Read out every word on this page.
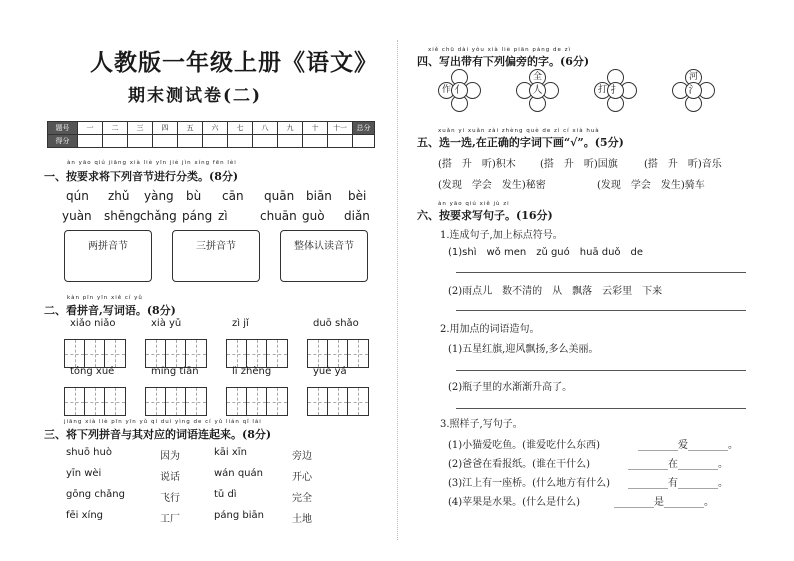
人教版一年级上册《语文》
期末测试卷(二)
题号	一	二	三	四	五	六	七	八	九	十	十一	总分
得分												
àn yāo qiú jiāng xià liè yīn jié jìn xíng fēn lèi
一、按要求将下列音节进行分类。(8分)
两拼音节	三拼音节	整体认读音节
kàn pīn yīn xiě cí yǔ
二、看拼音,写词语。(8分)
jiāng xià liè pīn yīn yǔ qí duì yìng de cí yǔ lián qǐ lái
三、将下列拼音与其对应的词语连起来。(8分)
xiě chū dài yǒu xià liè piān páng de zì
四、写出带有下列偏旁的字。(6分)
xuǎn yi xuǎn zài zhèng què de zì cí xià huà
五、选一选,在正确的字词下画“√”。(5分)
(搭　升　听)积木 (搭　升　听)国旗	(搭　升　听)音乐
(发现　学会　发生)秘密	(发现　学会　发生)骑车
àn yāo qiú xiě jù zi
六、按要求写句子。(16分)
1.连成句子,加上标点符号。
(1)shì　wǒ men　zǔ guó　huā duǒ　de
(2)雨点儿　数不清的　从　飘落　云彩里　下来
2.用加点的词语造句。
(1)五星红旗,迎风飘扬,多么美丽。
(2)瓶子里的水渐渐升高了。
3.照样子,写句子。
(1)小猫爱吃鱼。(谁爱吃什么东西)	________爱________。
(2)爸爸在看报纸。(谁在干什么)	________在________。
(3)江上有一座桥。(什么地方有什么) ________有________。
(4)苹果是水果。(什么是什么)	________是________。
qún zhǔ yàng bù cān quān biān bèi
yuàn shēng chǎng páng zì	chuān guò diǎn
xiǎo niǎo	xià yǔ	zì jǐ	duō shǎo
tóng xué	míng tiān	lì zhèng	yuè yá
shuō huò	因为	kāi xīn	旁边
yīn wèi	说话	wán quán	开心
gōng chǎng	飞行	tǔ dì	完全
fēi xíng	工厂	páng biān	土地
作 亻
全
人	打 扌
河
氵
